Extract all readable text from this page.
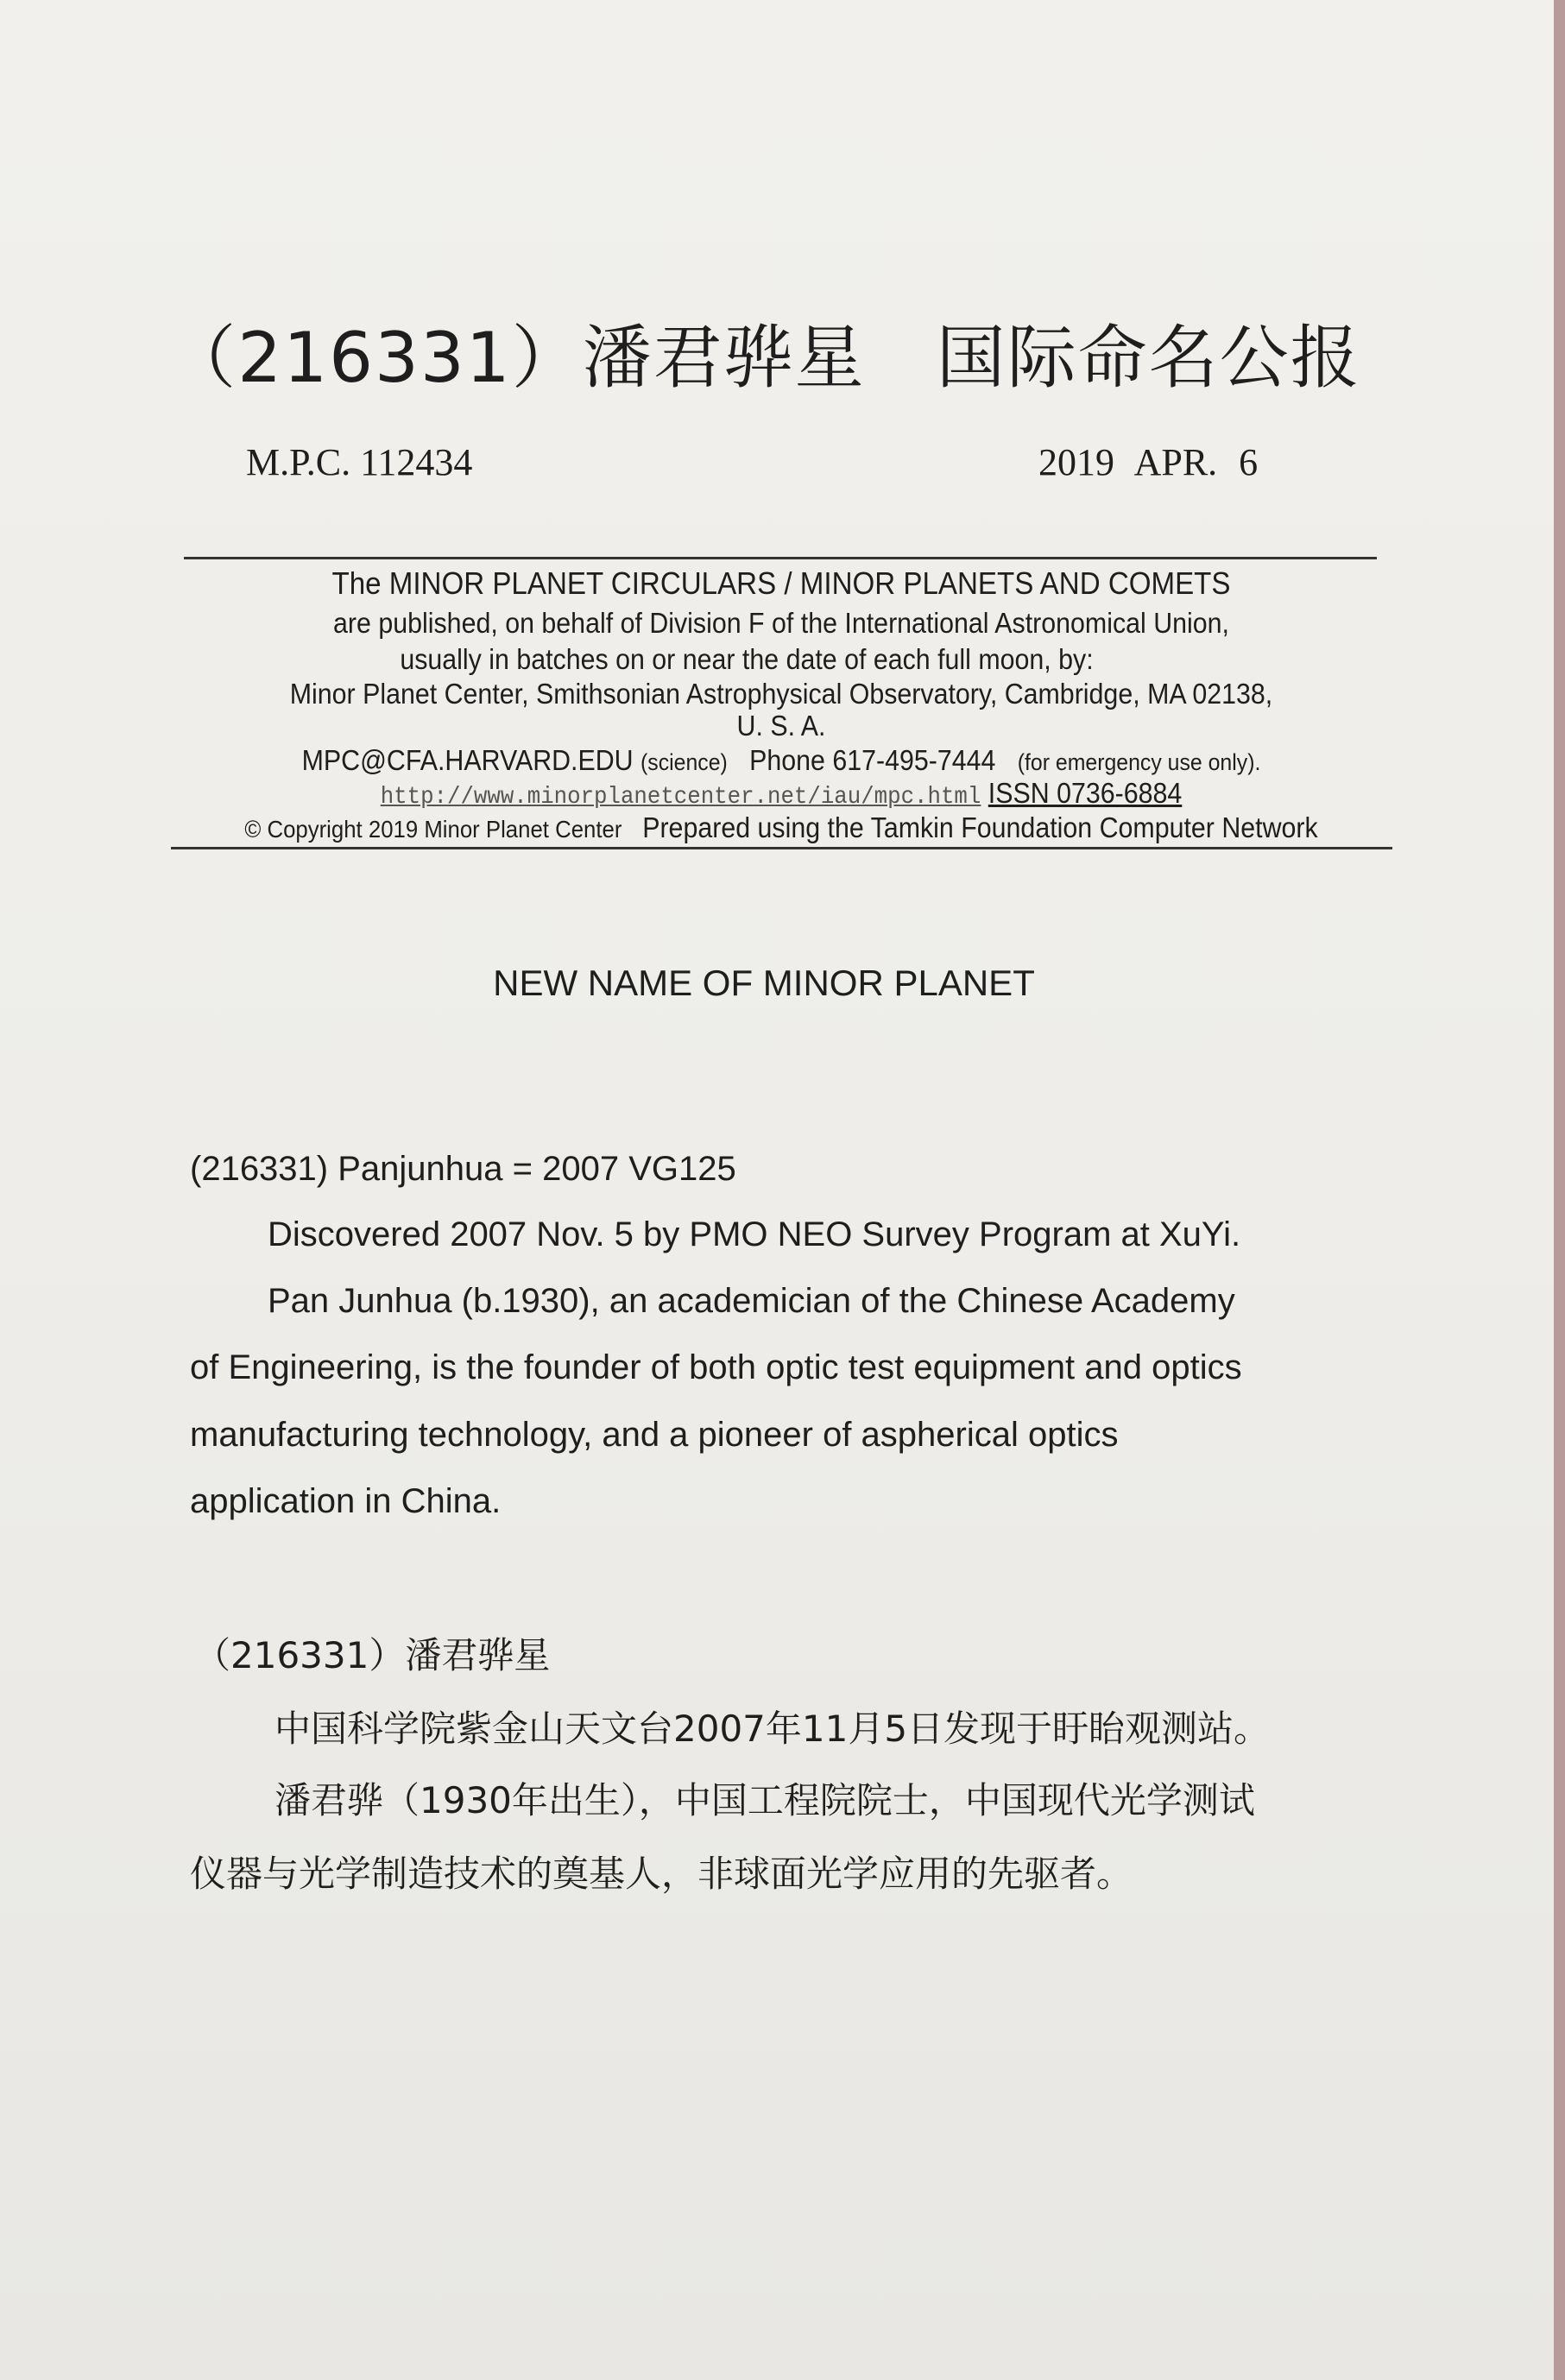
（216331）潘君骅星　国际命名公报
M.P.C. 112434	2019 APR. 6
The MINOR PLANET CIRCULARS / MINOR PLANETS AND COMETS
are published, on behalf of Division F of the International Astronomical Union,
usually in batches on or near the date of each full moon, by:
Minor Planet Center, Smithsonian Astrophysical Observatory, Cambridge, MA 02138,
U. S. A.
MPC@CFA.HARVARD.EDU (science) Phone 617-495-7444 (for emergency use only).
http://www.minorplanetcenter.net/iau/mpc.html ISSN 0736-6884
© Copyright 2019 Minor Planet Center Prepared using the Tamkin Foundation Computer Network
NEW NAME OF MINOR PLANET
(216331) Panjunhua = 2007 VG125
Discovered 2007 Nov. 5 by PMO NEO Survey Program at XuYi.
Pan Junhua (b.1930), an academician of the Chinese Academy
of Engineering, is the founder of both optic test equipment and optics
manufacturing technology, and a pioneer of aspherical optics
application in China.
（216331）潘君骅星
中国科学院紫金山天文台2007年11月5日发现于盱眙观测站。
潘君骅（1930年出生），中国工程院院士，中国现代光学测试
仪器与光学制造技术的奠基人，非球面光学应用的先驱者。
